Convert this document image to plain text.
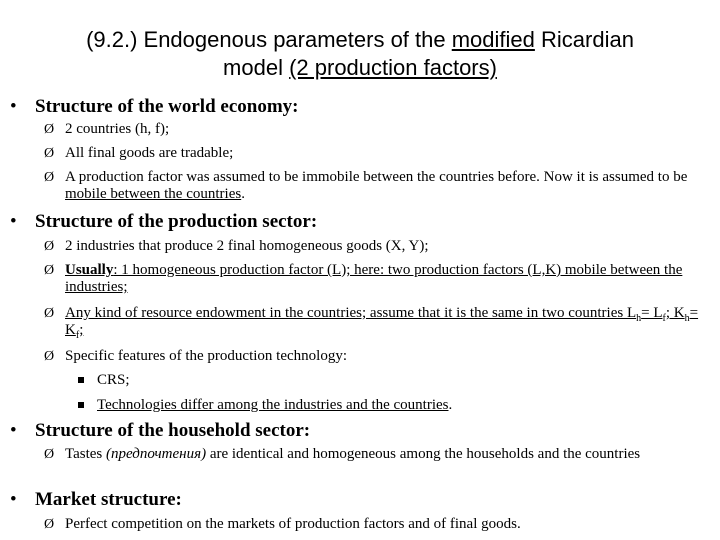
(9.2.) Endogenous parameters of the modified Ricardian
model (2 production factors)
• Structure of the world economy:
Ø 2 countries (h, f);
Ø All final goods are tradable;
Ø A production factor was assumed to be immobile between the countries before. Now it is assumed to be mobile between the countries.
• Structure of the production sector:
Ø 2 industries that produce 2 final homogeneous goods (X, Y);
Ø Usually: 1 homogeneous production factor (L); here: two production factors (L,K) mobile between the industries;
Ø Any kind of resource endowment in the countries; assume that it is the same in two countries $L_h= L_f$; $K_h= K_f$;
Ø Specific features of the production technology:
CRS;
Technologies differ among the industries and the countries.
• Structure of the household sector:
Ø Tastes (предпочтения) are identical and homogeneous among the households and the countries
• Market structure:
Ø Perfect competition on the markets of production factors and of final goods.
